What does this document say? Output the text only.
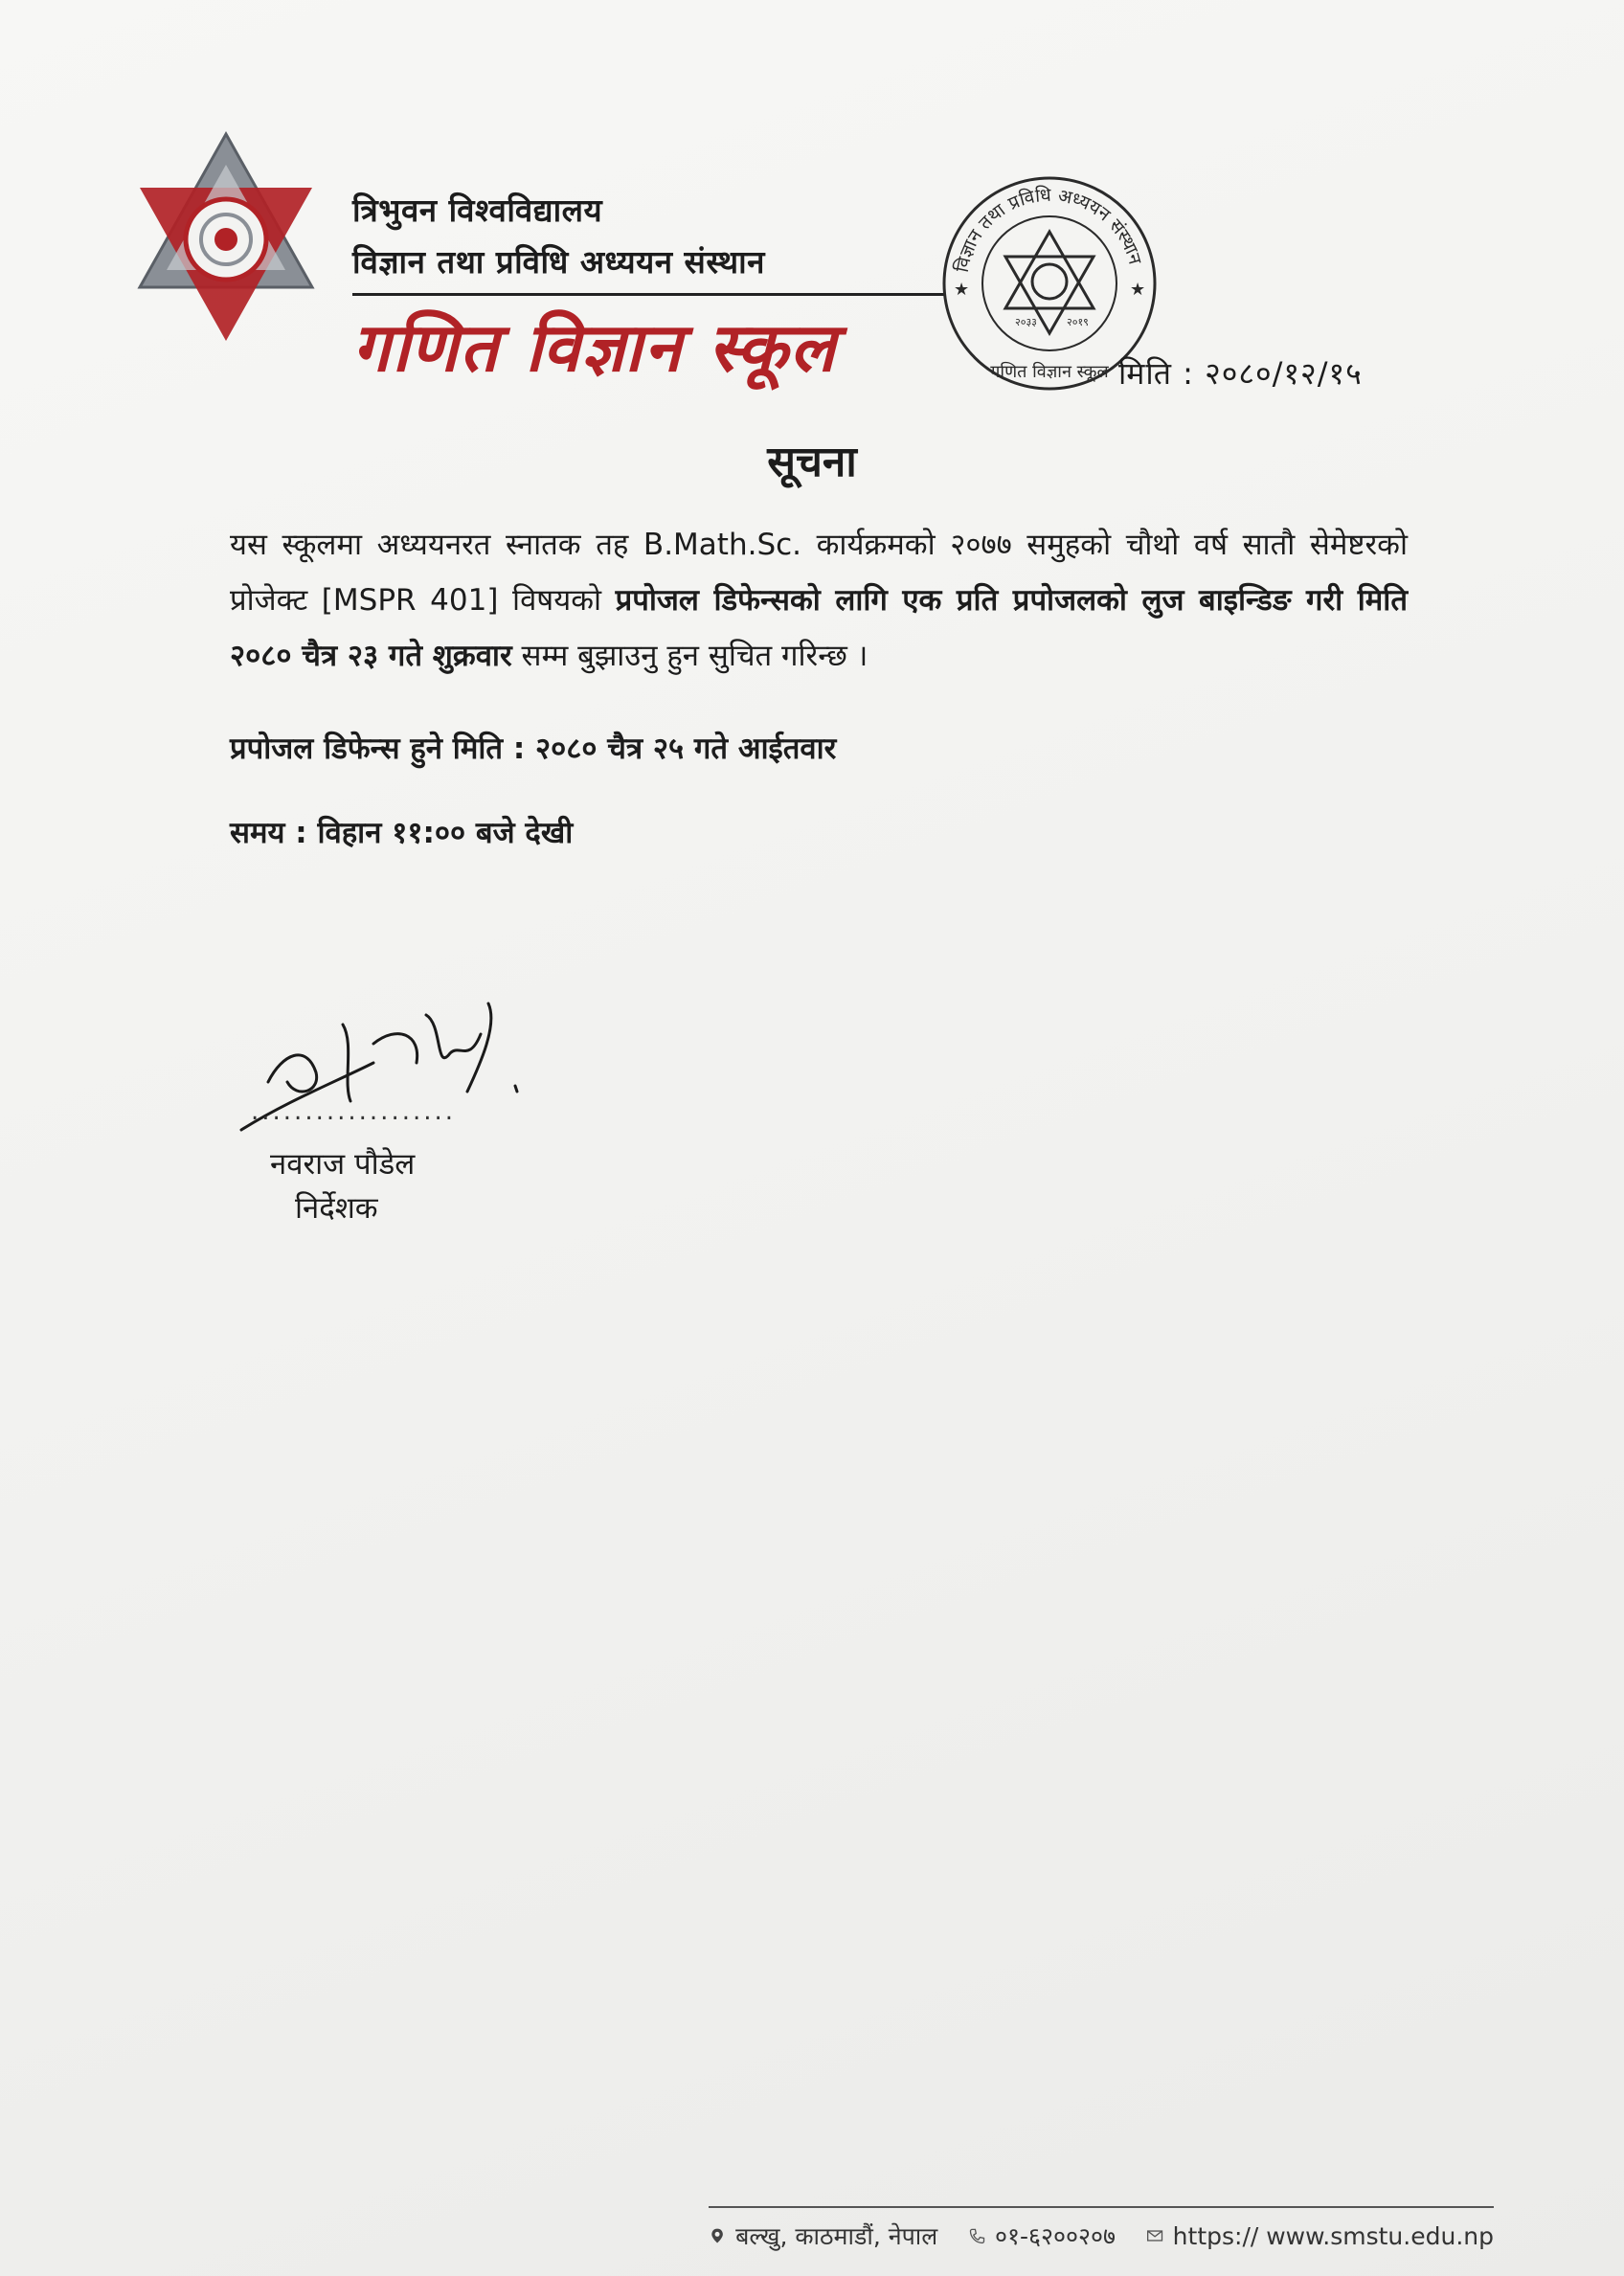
त्रिभुवन विश्वविद्यालय
विज्ञान तथा प्रविधि अध्ययन संस्थान
गणित विज्ञान स्कूल
विज्ञान तथा प्रविधि अध्ययन संस्थान
गणित विज्ञान स्कूल
★	★
२०३३	२०१९
मिति : २०८०/१२/१५
सूचना
यस स्कूलमा अध्ययनरत स्नातक तह B.Math.Sc. कार्यक्रमको २०७७ समुहको चौथो वर्ष सातौ सेमेष्टरको प्रोजेक्ट [MSPR 401] विषयको प्रपोजल डिफेन्सको लागि एक प्रति प्रपोजलको लुज बाइन्डिङ गरी मिति २०८० चैत्र २३ गते शुक्रवार सम्म बुझाउनु हुन सुचित गरिन्छ ।
प्रपोजल डिफेन्स हुने मिति : २०८० चैत्र २५ गते आईतवार
समय : विहान ११:०० बजे देखी
...................
नवराज पौडेल
निर्देशक
बल्खु, काठमाडौं, नेपाल ०१-६२००२०७ https:// www.smstu.edu.np
